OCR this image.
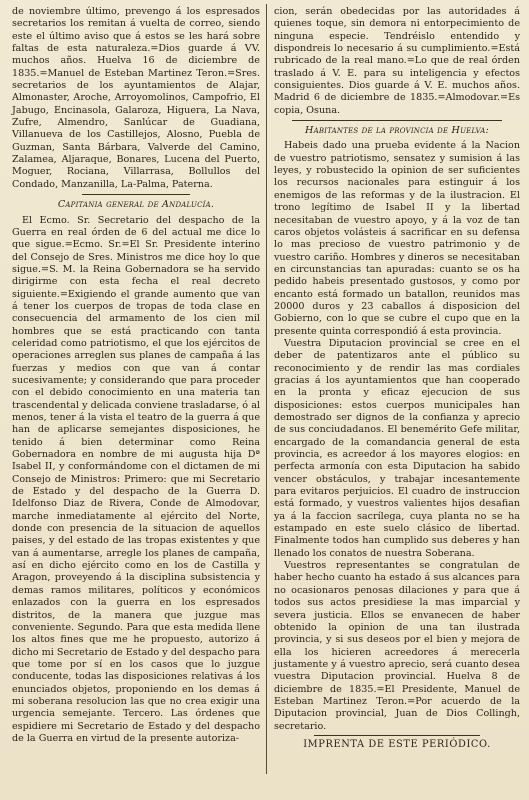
de noviembre último, prevengo á los espresados secretarios los remitan á vuelta de correo, siendo este el último aviso que á estos se les hará sobre faltas de esta naturaleza.=Dios guarde á VV. muchos años. Huelva 16 de diciembre de 1835.=Manuel de Esteban Martinez Teron.=Sres. secretarios de los ayuntamientos de Alajar, Almonaster, Aroche, Arroyomolinos, Campofrio, El Jabugo, Encinasola, Galaroza, Higuera, La Nava, Zufre, Almendro, Sanlúcar de Guadiana, Villanueva de los Castillejos, Alosno, Puebla de Guzman, Santa Bárbara, Valverde del Camino, Zalamea, Aljaraque, Bonares, Lucena del Puerto, Moguer, Rociana, Villarrasa, Bollullos del Condado, Manzanilla, La-Palma, Paterna.

Capitania general de Andalucía.

El Ecmo. Sr. Secretario del despacho de la Guerra en real órden de 6 del actual me dice lo que sigue.=Ecmo. Sr.=El Sr. Presidente interino del Consejo de Sres. Ministros me dice hoy lo que sigue.=S. M. la Reina Gobernadora se ha servido dirigirme con esta fecha el real decreto siguiente.=Exigiendo el grande aumento que van á tener los cuerpos de tropas de toda clase en consecuencia del armamento de los cien mil hombres que se está practicando con tanta celeridad como patriotismo, el que los ejércitos de operaciones arreglen sus planes de campaña á las fuerzas y medios con que van á contar sucesivamente; y considerando que para proceder con el debido conocimiento en una materia tan trascendental y delicada conviene trasladarse, ó al menos, tener á la vista el teatro de la guerra á que han de aplicarse semejantes disposiciones, he tenido á bien determinar como Reina Gobernadora en nombre de mi augusta hija Dª Isabel II, y conformándome con el dictamen de mi Consejo de Ministros: Primero: que mi Secretario de Estado y del despacho de la Guerra D. Idelfonso Diaz de Rivera, Conde de Almodovar, marche inmediatamente al ejército del Norte, donde con presencia de la situacion de aquellos paises, y del estado de las tropas existentes y que van á aumentarse, arregle los planes de campaña, así en dicho ejército como en los de Castilla y Aragon, proveyendo á la disciplina subsistencia y demas ramos militares, políticos y económicos enlazados con la guerra en los espresados distritos, de la manera que juzgue mas conveniente. Segundo. Para que esta medida llene los altos fines que me he propuesto, autorizo á dicho mi Secretario de Estado y del despacho para que tome por sí en los casos que lo juzgue conducente, todas las disposiciones relativas á los enunciados objetos, proponiendo en los demas á mi soberana resolucion las que no crea exigir una urgencia semejante. Tercero. Las órdenes que espidiere mi Secretario de Estado y del despacho de la Guerra en virtud de la presente autoriza-

cion, serán obedecidas por las autoridades á quienes toque, sin demora ni entorpecimiento de ninguna especie. Tendréislo entendido y dispondreis lo necesario á su cumplimiento.=Está rubricado de la real mano.=Lo que de real órden traslado á V. E. para su inteligencia y efectos consiguientes. Dios guarde á V. E. muchos años. Madrid 6 de diciembre de 1835.=Almodovar.=Es copia, Osuna.

Habitantes de la provincia de Huelva:

Habeis dado una prueba evidente á la Nacion de vuestro patriotismo, sensatez y sumision á las leyes, y robustecido la opinion de ser suficientes los recursos nacionales para estinguir á los enemigos de las reformas y de la ilustracion. El trono legítimo de Isabel II y la libertad necesitaban de vuestro apoyo, y á la voz de tan caros objetos volásteis á sacrificar en su defensa lo mas precioso de vuestro patrimonio y de vuestro cariño. Hombres y dineros se necesitaban en circunstancias tan apuradas: cuanto se os ha pedido habeis presentado gustosos, y como por encanto está formado un batallon, reunidos mas 20000 duros y 23 caballos á disposicion del Gobierno, con lo que se cubre el cupo que en la presente quinta correspondió á esta provincia.

Vuestra Diputacion provincial se cree en el deber de patentizaros ante el público su reconocimiento y de rendir las mas cordiales gracias á los ayuntamientos que han cooperado en la pronta y eficaz ejecucion de sus disposiciones: estos cuerpos municipales han demostrado ser dignos de la confianza y aprecio de sus conciudadanos. El benemérito Gefe militar, encargado de la comandancia general de esta provincia, es acreedor á los mayores elogios: en perfecta armonía con esta Diputacion ha sabido vencer obstáculos, y trabajar incesantemente para evitaros perjuicios. El cuadro de instruccion está formado, y vuestros valientes hijos desafian ya á la faccion sacrílega, cuya planta no se ha estampado en este suelo clásico de libertad. Finalmente todos han cumplido sus deberes y han llenado los conatos de nuestra Soberana.

Vuestros representantes se congratulan de haber hecho cuanto ha estado á sus alcances para no ocasionaros penosas dilaciones y para que á todos sus actos presidiese la mas imparcial y severa justicia. Ellos se envanecen de haber obtenido la opinion de una tan ilustrada provincia, y si sus deseos por el bien y mejora de ella los hicieren acreedores á merecerla justamente y á vuestro aprecio, será cuanto desea vuestra Diputacion provincial. Huelva 8 de diciembre de 1835.=El Presidente, Manuel de Esteban Martinez Teron.=Por acuerdo de la Diputacion provincial, Juan de Dios Collingh, secretario.

IMPRENTA DE ESTE PERIÓDICO.
